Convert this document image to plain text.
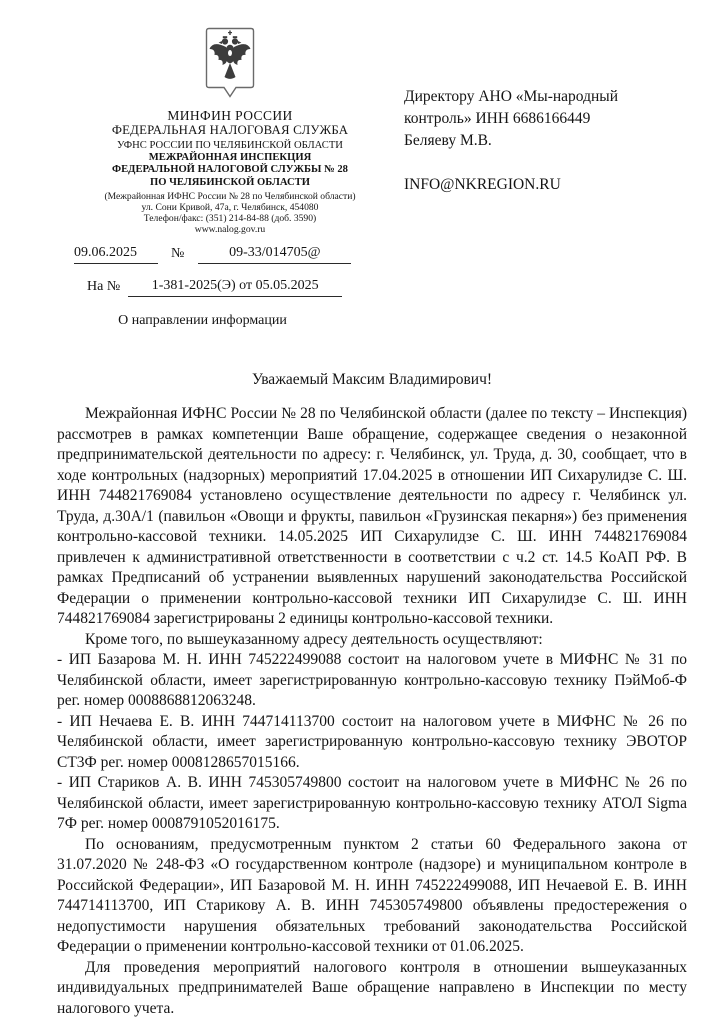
МИНФИН РОССИИ
ФЕДЕРАЛЬНАЯ НАЛОГОВАЯ СЛУЖБА
УФНС РОССИИ ПО ЧЕЛЯБИНСКОЙ ОБЛАСТИ
МЕЖРАЙОННАЯ ИНСПЕКЦИЯ
ФЕДЕРАЛЬНОЙ НАЛОГОВОЙ СЛУЖБЫ № 28
ПО ЧЕЛЯБИНСКОЙ ОБЛАСТИ
(Межрайонная ИФНС России № 28 по Челябинской области)
ул. Сони Кривой, 47а, г. Челябинск, 454080
Телефон/факс: (351) 214-84-88 (доб. 3590)
www.nalog.gov.ru
09.06.2025	№	09-33/014705@
На №	1-381-2025(Э) от 05.05.2025
О направлении информации
Директору АНО «Мы-народный
контроль» ИНН 6686166449
Беляеву М.В.
INFO@NKREGION.RU
Уважаемый Максим Владимирович!

Межрайонная ИФНС России № 28 по Челябинской области (далее по тексту – Инспекция) рассмотрев в рамках компетенции Ваше обращение, содержащее сведения о незаконной предпринимательской деятельности по адресу: г. Челябинск, ул. Труда, д. 30, сообщает, что в ходе контрольных (надзорных) мероприятий 17.04.2025 в отношении ИП Сихарулидзе С. Ш. ИНН 744821769084 установлено осуществление деятельности по адресу г. Челябинск ул. Труда, д.30А/1 (павильон «Овощи и фрукты, павильон «Грузинская пекарня») без применения контрольно-кассовой техники. 14.05.2025 ИП Сихарулидзе С. Ш. ИНН 744821769084 привлечен к административной ответственности в соответствии с ч.2 ст. 14.5 КоАП РФ. В рамках Предписаний об устранении выявленных нарушений законодательства Российской Федерации о применении контрольно-кассовой техники ИП Сихарулидзе С. Ш. ИНН 744821769084 зарегистрированы 2 единицы контрольно-кассовой техники.

Кроме того, по вышеуказанному адресу деятельность осуществляют:

- ИП Базарова М. Н. ИНН 745222499088 состоит на налоговом учете в МИФНС № 31 по Челябинской области, имеет зарегистрированную контрольно-кассовую технику ПэйМоб-Ф рег. номер 0008868812063248.

- ИП Нечаева Е. В. ИНН 744714113700 состоит на налоговом учете в МИФНС № 26 по Челябинской области, имеет зарегистрированную контрольно-кассовую технику ЭВОТОР СТ3Ф рег. номер 0008128657015166.

- ИП Стариков А. В. ИНН 745305749800 состоит на налоговом учете в МИФНС № 26 по Челябинской области, имеет зарегистрированную контрольно-кассовую технику АТОЛ Sigma 7Ф рег. номер 0008791052016175.

По основаниям, предусмотренным пунктом 2 статьи 60 Федерального закона от 31.07.2020 № 248-ФЗ «О государственном контроле (надзоре) и муниципальном контроле в Российской Федерации», ИП Базаровой М. Н. ИНН 745222499088, ИП Нечаевой Е. В. ИНН 744714113700, ИП Старикову А. В. ИНН 745305749800 объявлены предостережения о недопустимости нарушения обязательных требований законодательства Российской Федерации о применении контрольно-кассовой техники от 01.06.2025.

Для проведения мероприятий налогового контроля в отношении вышеуказанных индивидуальных предпринимателей Ваше обращение направлено в Инспекции по месту налогового учета.
